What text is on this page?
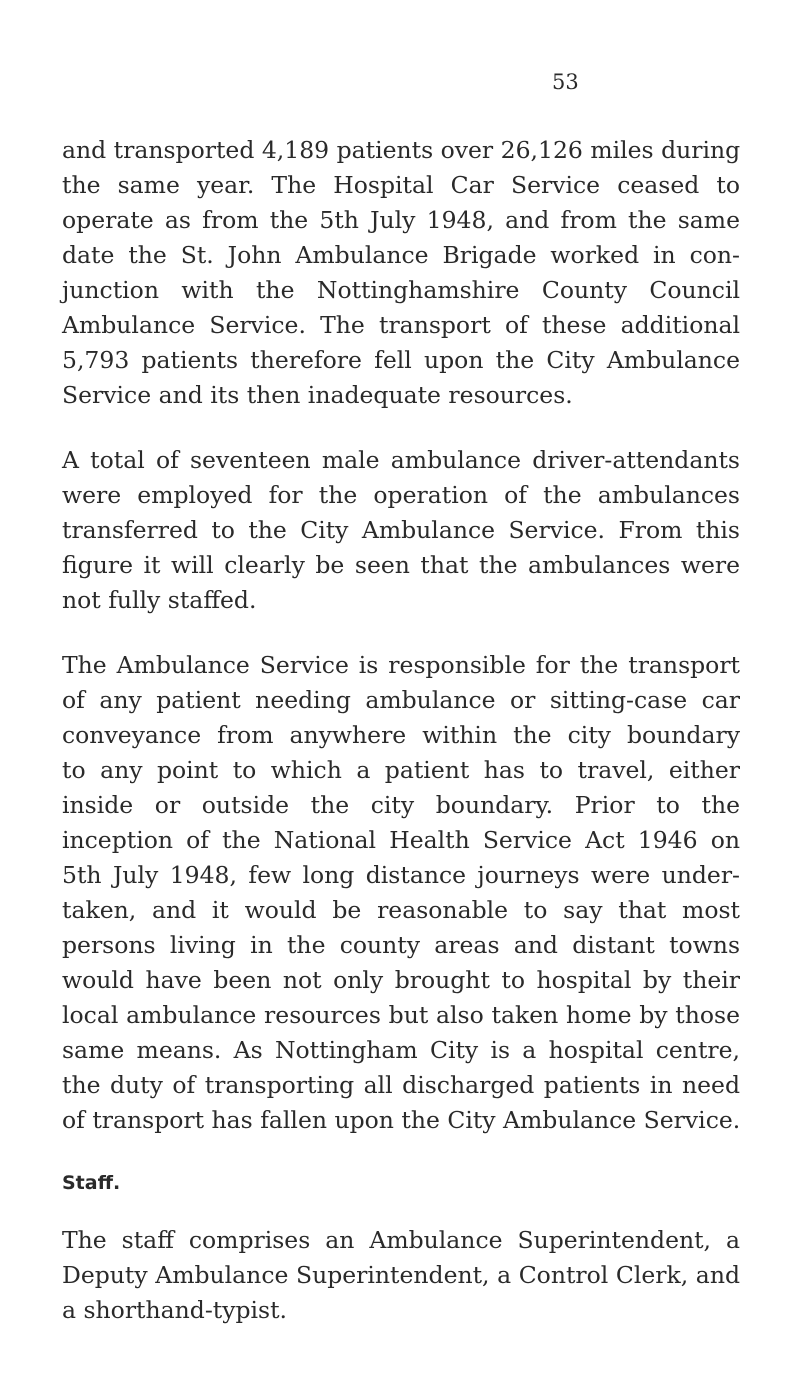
53
and transported 4,189 patients over 26,126 miles during
the same year. The Hospital Car Service ceased to
operate as from the 5th July 1948, and from the same
date the St. John Ambulance Brigade worked in con-
junction with the Nottinghamshire County Council
Ambulance Service. The transport of these additional
5,793 patients therefore fell upon the City Ambulance
Service and its then inadequate resources.
A total of seventeen male ambulance driver-attendants
were employed for the operation of the ambulances
transferred to the City Ambulance Service. From this
figure it will clearly be seen that the ambulances were
not fully staffed.
The Ambulance Service is responsible for the transport
of any patient needing ambulance or sitting-case car
conveyance from anywhere within the city boundary
to any point to which a patient has to travel, either
inside or outside the city boundary. Prior to the
inception of the National Health Service Act 1946 on
5th July 1948, few long distance journeys were under-
taken, and it would be reasonable to say that most
persons living in the county areas and distant towns
would have been not only brought to hospital by their
local ambulance resources but also taken home by those
same means. As Nottingham City is a hospital centre,
the duty of transporting all discharged patients in need
of transport has fallen upon the City Ambulance Service.
Staff.
The staff comprises an Ambulance Superintendent, a
Deputy Ambulance Superintendent, a Control Clerk, and
a shorthand-typist.
